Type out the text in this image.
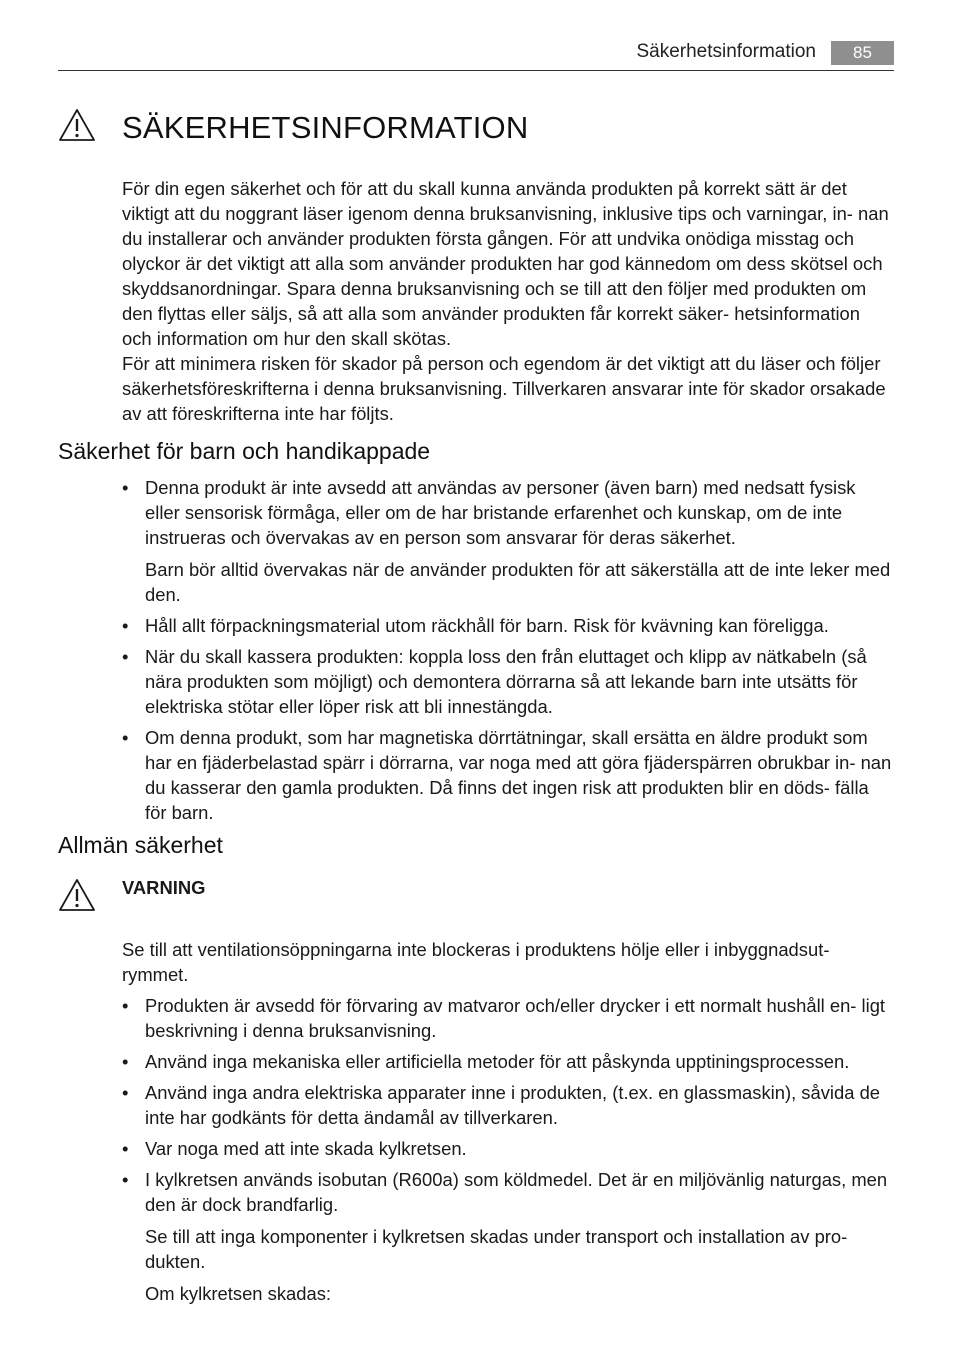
Säkerhetsinformation	85
SÄKERHETSINFORMATION

För din egen säkerhet och för att du skall kunna använda produkten på korrekt sätt är det viktigt att du noggrant läser igenom denna bruksanvisning, inklusive tips och varningar, in- nan du installerar och använder produkten första gången. För att undvika onödiga misstag och olyckor är det viktigt att alla som använder produkten har god kännedom om dess skötsel och skyddsanordningar. Spara denna bruksanvisning och se till att den följer med produkten om den flyttas eller säljs, så att alla som använder produkten får korrekt säker- hetsinformation och information om hur den skall skötas.

För att minimera risken för skador på person och egendom är det viktigt att du läser och följer säkerhetsföreskrifterna i denna bruksanvisning. Tillverkaren ansvarar inte för skador orsakade av att föreskrifterna inte har följts.

Säkerhet för barn och handikappade
• Denna produkt är inte avsedd att användas av personer (även barn) med nedsatt fysisk eller sensorisk förmåga, eller om de har bristande erfarenhet och kunskap, om de inte instrueras och övervakas av en person som ansvarar för deras säkerhet.

Barn bör alltid övervakas när de använder produkten för att säkerställa att de inte leker med den.

• Håll allt förpackningsmaterial utom räckhåll för barn. Risk för kvävning kan föreligga.
• När du skall kassera produkten: koppla loss den från eluttaget och klipp av nätkabeln (så nära produkten som möjligt) och demontera dörrarna så att lekande barn inte utsätts för elektriska stötar eller löper risk att bli innestängda.
• Om denna produkt, som har magnetiska dörrtätningar, skall ersätta en äldre produkt som har en fjäderbelastad spärr i dörrarna, var noga med att göra fjäderspärren obrukbar in- nan du kasserar den gamla produkten. Då finns det ingen risk att produkten blir en döds- fälla för barn.
Allmän säkerhet
VARNING

Se till att ventilationsöppningarna inte blockeras i produktens hölje eller i inbyggnadsut- rymmet.

• Produkten är avsedd för förvaring av matvaror och/eller drycker i ett normalt hushåll en- ligt beskrivning i denna bruksanvisning.
• Använd inga mekaniska eller artificiella metoder för att påskynda upptiningsprocessen.
• Använd inga andra elektriska apparater inne i produkten, (t.ex. en glassmaskin), såvida de inte har godkänts för detta ändamål av tillverkaren.
• Var noga med att inte skada kylkretsen.
• I kylkretsen används isobutan (R600a) som köldmedel. Det är en miljövänlig naturgas, men den är dock brandfarlig.

Se till att inga komponenter i kylkretsen skadas under transport och installation av pro- dukten.

Om kylkretsen skadas:
